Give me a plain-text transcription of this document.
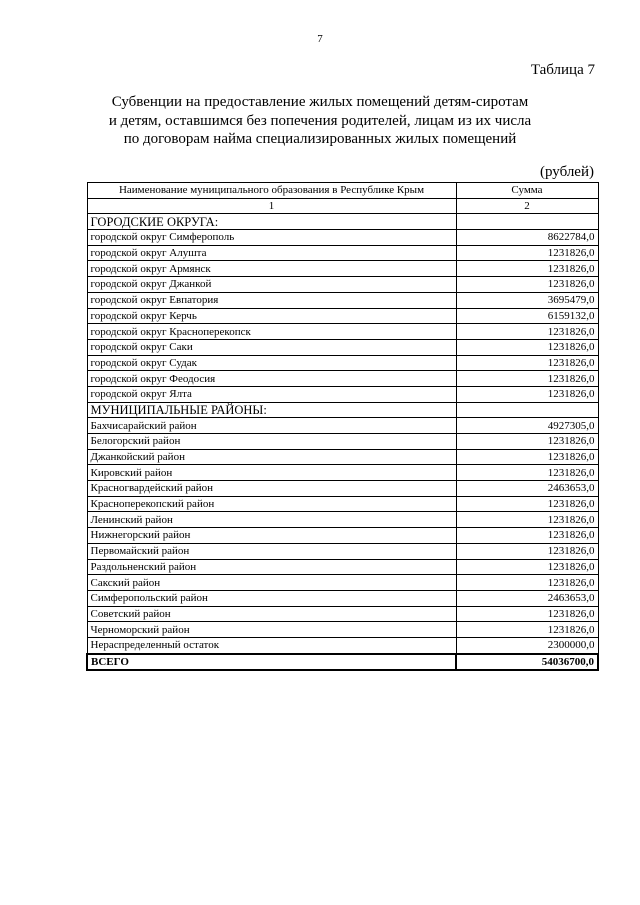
7
Таблица 7
Субвенции на предоставление жилых помещений детям-сиротам
и детям, оставшимся без попечения родителей, лицам из их числа
по договорам найма специализированных жилых помещений
(рублей)
Наименование муниципального образования в Республике Крым	Сумма
1	2
ГОРОДСКИЕ ОКРУГА:	
городской округ Симферополь	8622784,0
городской округ Алушта	1231826,0
городской округ Армянск	1231826,0
городской округ Джанкой	1231826,0
городской округ Евпатория	3695479,0
городской округ Керчь	6159132,0
городской округ Красноперекопск	1231826,0
городской округ Саки	1231826,0
городской округ Судак	1231826,0
городской округ Феодосия	1231826,0
городской округ Ялта	1231826,0
МУНИЦИПАЛЬНЫЕ РАЙОНЫ:	
Бахчисарайский район	4927305,0
Белогорский район	1231826,0
Джанкойский район	1231826,0
Кировский район	1231826,0
Красногвардейский район	2463653,0
Красноперекопский район	1231826,0
Ленинский район	1231826,0
Нижнегорский район	1231826,0
Первомайский район	1231826,0
Раздольненский район	1231826,0
Сакский район	1231826,0
Симферопольский район	2463653,0
Советский район	1231826,0
Черноморский район	1231826,0
Нераспределенный остаток	2300000,0
ВСЕГО	54036700,0
